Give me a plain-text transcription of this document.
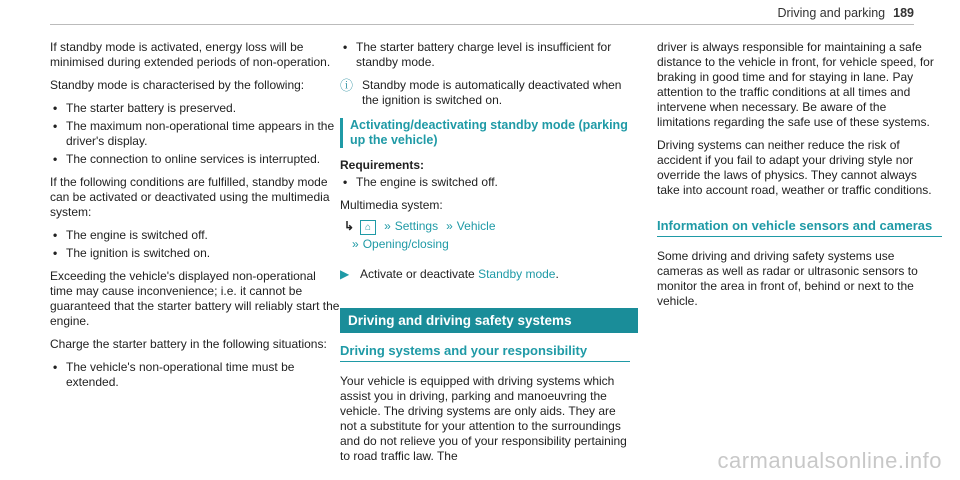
Driving and parking 189

If standby mode is activated, energy loss will be minimised during extended periods of non-operation.

Standby mode is characterised by the following:

• The starter battery is preserved.
• The maximum non-operational time appears in the driver's display.
• The connection to online services is interrupted.

If the following conditions are fulfilled, standby mode can be activated or deactivated using the multimedia system:

• The engine is switched off.
• The ignition is switched on.

Exceeding the vehicle's displayed non-operational time may cause inconvenience; i.e. it cannot be guaranteed that the starter battery will reliably start the engine.

Charge the starter battery in the following situations:

• The vehicle's non-operational time must be extended.
• The starter battery charge level is insufficient for standby mode.
ⓘ Standby mode is automatically deactivated when the ignition is switched on.
Activating/deactivating standby mode (parking up the vehicle)
Requirements:
• The engine is switched off.
Multimedia system:
↳ ⌂ » Settings » Vehicle
» Opening/closing
▶ Activate or deactivate Standby mode.
Driving and driving safety systems
Driving systems and your responsibility

Your vehicle is equipped with driving systems which assist you in driving, parking and manoeuvring the vehicle. The driving systems are only aids. They are not a substitute for your attention to the surroundings and do not relieve you of your responsibility pertaining to road traffic law. The

driver is always responsible for maintaining a safe distance to the vehicle in front, for vehicle speed, for braking in good time and for staying in lane. Pay attention to the traffic conditions at all times and intervene when necessary. Be aware of the limitations regarding the safe use of these systems.

Driving systems can neither reduce the risk of accident if you fail to adapt your driving style nor override the laws of physics. They cannot always take into account road, weather or traffic conditions.

Information on vehicle sensors and cameras

Some driving and driving safety systems use cameras as well as radar or ultrasonic sensors to monitor the area in front of, behind or next to the vehicle.

carmanualsonline.info
